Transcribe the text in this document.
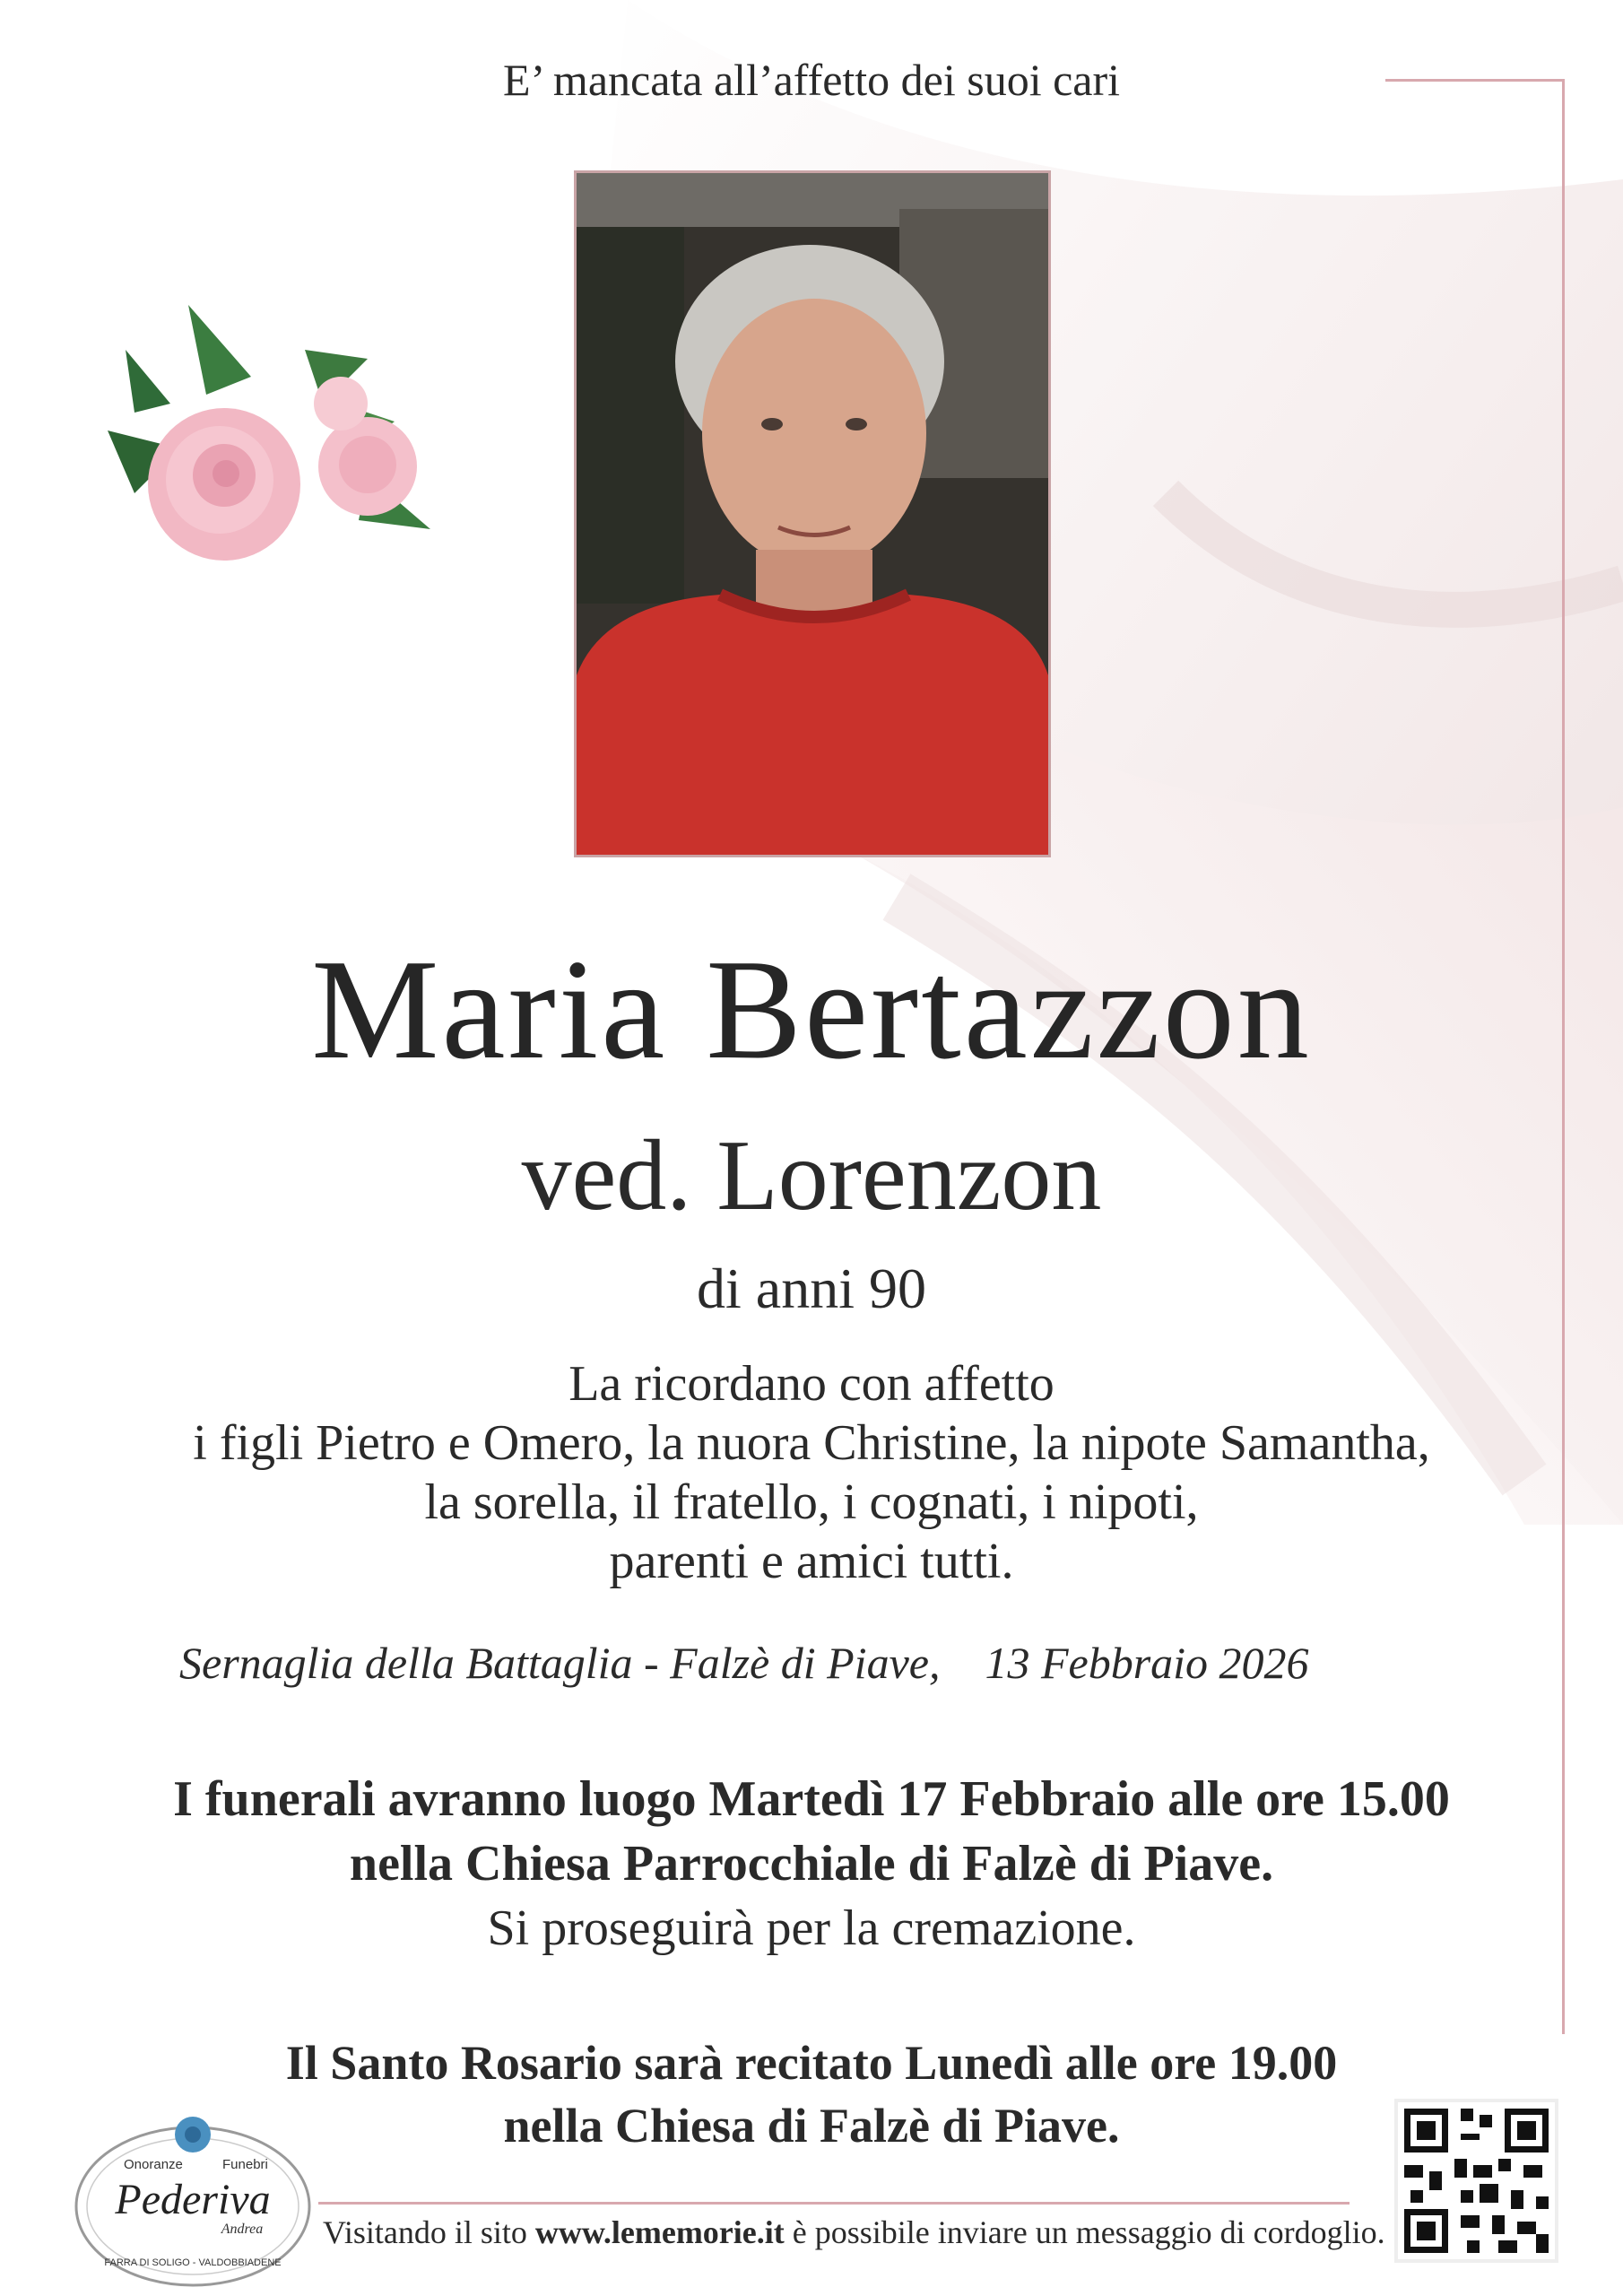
E’ mancata all’affetto dei suoi cari
Maria Bertazzon
ved. Lorenzon
di anni 90
La ricordano con affetto
i figli Pietro e Omero, la nuora Christine, la nipote Samantha,
la sorella, il fratello, i cognati, i nipoti,
parenti e amici tutti.
Sernaglia della Battaglia - Falzè di Piave, 13 Febbraio 2026
I funerali avranno luogo Martedì 17 Febbraio alle ore 15.00
nella Chiesa Parrocchiale di Falzè di Piave.
Si proseguirà per la cremazione.
Il Santo Rosario sarà recitato Lunedì alle ore 19.00
nella Chiesa di Falzè di Piave.
Onoranze	Funebri
Pederiva
Andrea
FARRA DI SOLIGO - VALDOBBIADENE
Visitando il sito www.lememorie.it è possibile inviare un messaggio di cordoglio.
